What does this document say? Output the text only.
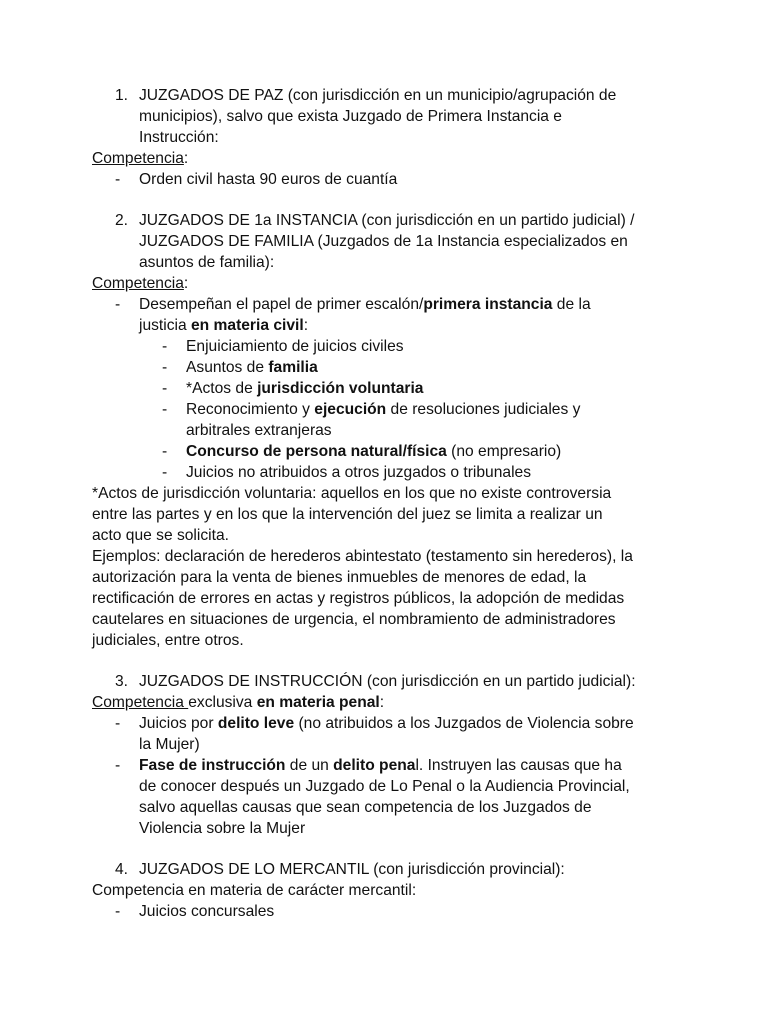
1. JUZGADOS DE PAZ (con jurisdicción en un municipio/agrupación de
municipios), salvo que exista Juzgado de Primera Instancia e
Instrucción:
Competencia:
- Orden civil hasta 90 euros de cuantía
2. JUZGADOS DE 1a INSTANCIA (con jurisdicción en un partido judicial) /
JUZGADOS DE FAMILIA (Juzgados de 1a Instancia especializados en
asuntos de familia):
Competencia:
- Desempeñan el papel de primer escalón/primera instancia de la
justicia en materia civil:
- Enjuiciamiento de juicios civiles
- Asuntos de familia
- *Actos de jurisdicción voluntaria
- Reconocimiento y ejecución de resoluciones judiciales y
arbitrales extranjeras
- Concurso de persona natural/física (no empresario)
- Juicios no atribuidos a otros juzgados o tribunales
*Actos de jurisdicción voluntaria: aquellos en los que no existe controversia
entre las partes y en los que la intervención del juez se limita a realizar un
acto que se solicita.
Ejemplos: declaración de herederos abintestato (testamento sin herederos), la
autorización para la venta de bienes inmuebles de menores de edad, la
rectificación de errores en actas y registros públicos, la adopción de medidas
cautelares en situaciones de urgencia, el nombramiento de administradores
judiciales, entre otros.
3. JUZGADOS DE INSTRUCCIÓN (con jurisdicción en un partido judicial):
Competencia exclusiva en materia penal:
- Juicios por delito leve (no atribuidos a los Juzgados de Violencia sobre
la Mujer)
- Fase de instrucción de un delito penal. Instruyen las causas que ha
de conocer después un Juzgado de Lo Penal o la Audiencia Provincial,
salvo aquellas causas que sean competencia de los Juzgados de
Violencia sobre la Mujer
4. JUZGADOS DE LO MERCANTIL (con jurisdicción provincial):
Competencia en materia de carácter mercantil:
- Juicios concursales
